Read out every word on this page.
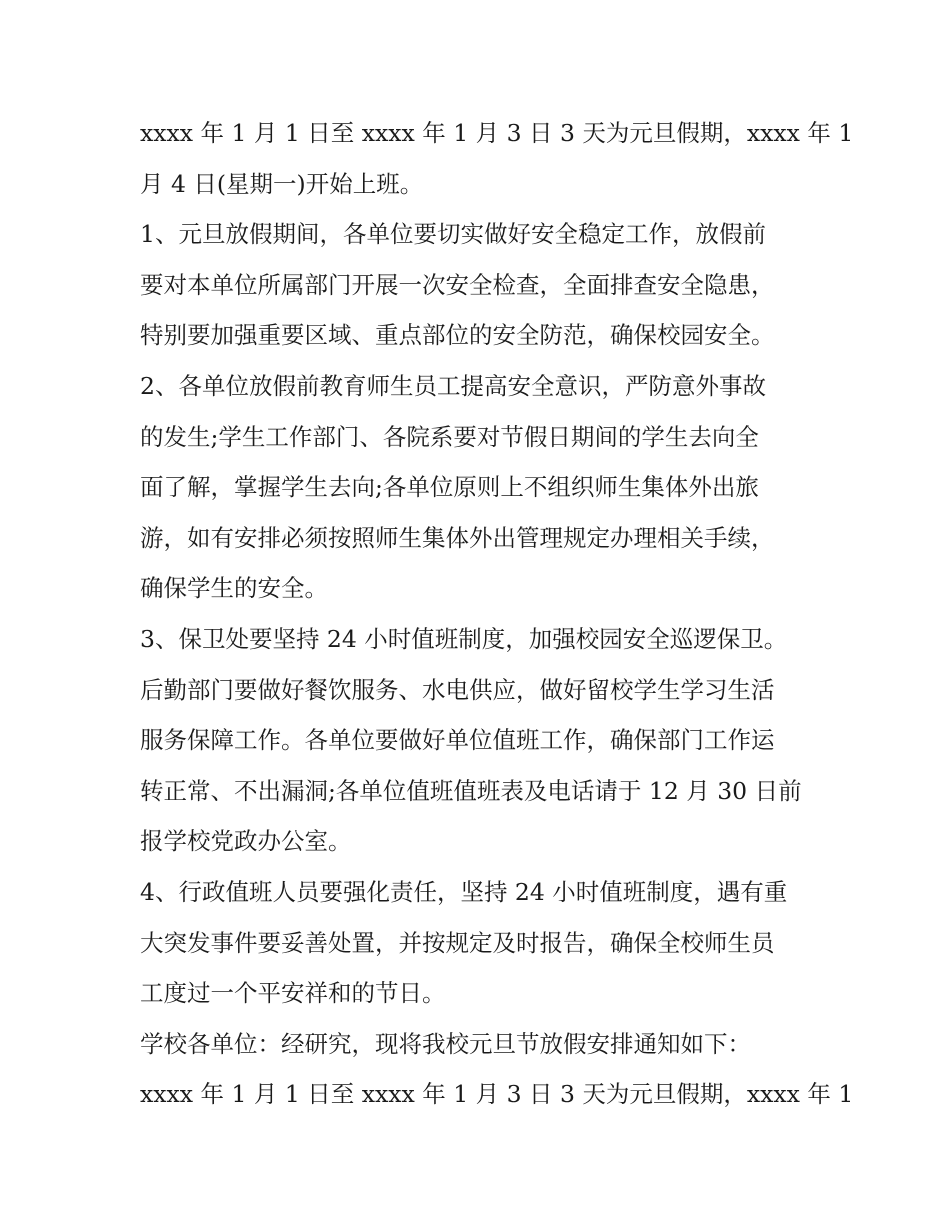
xxxx 年 1 月 1 日至 xxxx 年 1 月 3 日 3 天为元旦假期，xxxx 年 1
月 4 日(星期一)开始上班。
1、元旦放假期间，各单位要切实做好安全稳定工作，放假前
要对本单位所属部门开展一次安全检查，全面排查安全隐患，
特别要加强重要区域、重点部位的安全防范，确保校园安全。
2、各单位放假前教育师生员工提高安全意识，严防意外事故
的发生;学生工作部门、各院系要对节假日期间的学生去向全
面了解，掌握学生去向;各单位原则上不组织师生集体外出旅
游，如有安排必须按照师生集体外出管理规定办理相关手续，
确保学生的安全。
3、保卫处要坚持 24 小时值班制度，加强校园安全巡逻保卫。
后勤部门要做好餐饮服务、水电供应，做好留校学生学习生活
服务保障工作。各单位要做好单位值班工作，确保部门工作运
转正常、不出漏洞;各单位值班值班表及电话请于 12 月 30 日前
报学校党政办公室。
4、行政值班人员要强化责任，坚持 24 小时值班制度，遇有重
大突发事件要妥善处置，并按规定及时报告，确保全校师生员
工度过一个平安祥和的节日。
学校各单位：经研究，现将我校元旦节放假安排通知如下：
xxxx 年 1 月 1 日至 xxxx 年 1 月 3 日 3 天为元旦假期，xxxx 年 1
